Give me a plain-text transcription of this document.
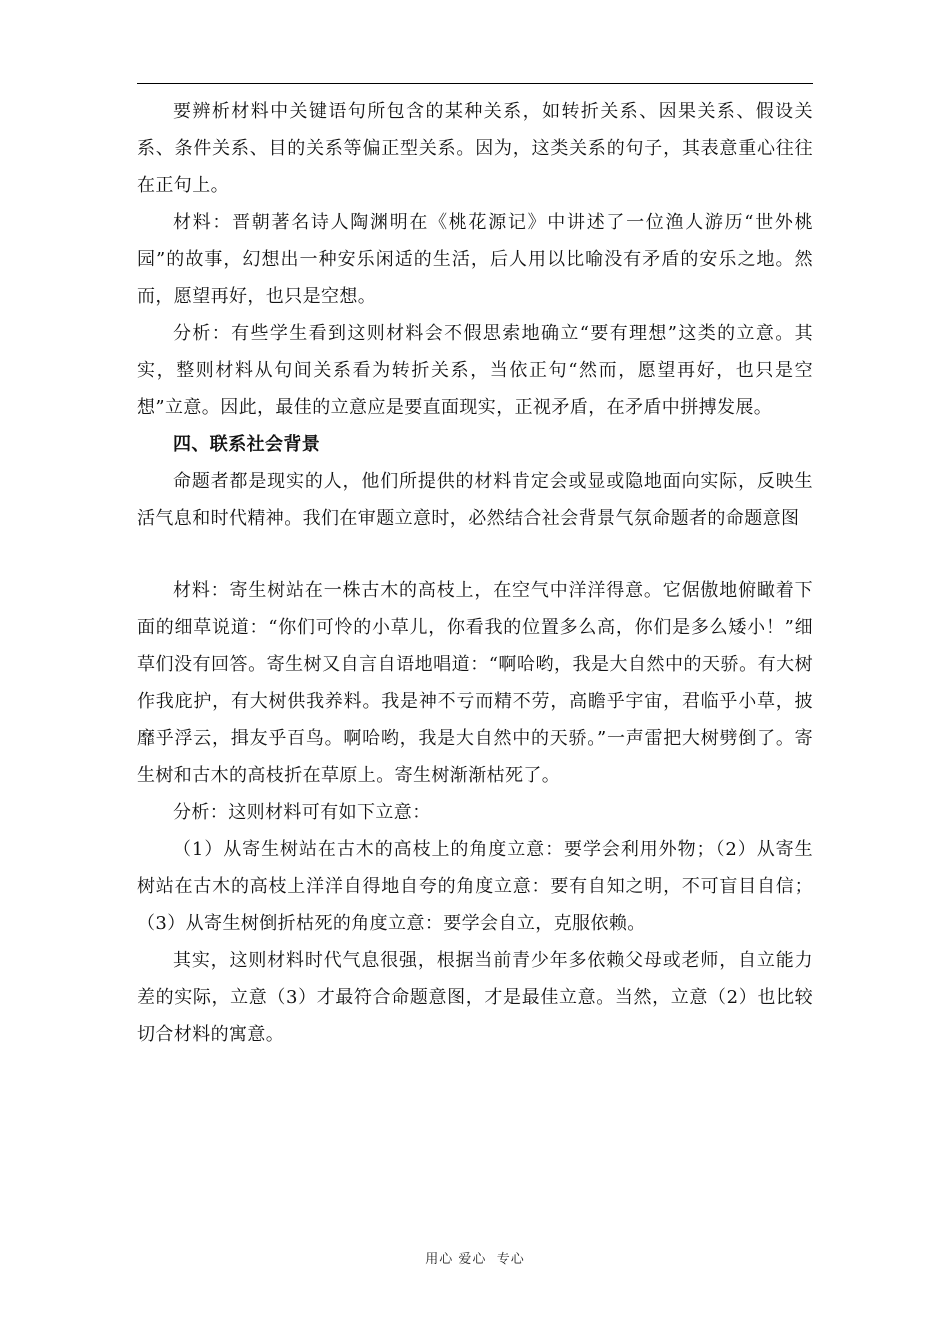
要辨析材料中关键语句所包含的某种关系，如转折关系、因果关系、假设关系、条件关系、目的关系等偏正型关系。因为，这类关系的句子，其表意重心往往在正句上。

材料：晋朝著名诗人陶渊明在《桃花源记》中讲述了一位渔人游历“世外桃园”的故事，幻想出一种安乐闲适的生活，后人用以比喻没有矛盾的安乐之地。然而，愿望再好，也只是空想。

分析：有些学生看到这则材料会不假思索地确立“要有理想”这类的立意。其实，整则材料从句间关系看为转折关系，当依正句“然而，愿望再好，也只是空想”立意。因此，最佳的立意应是要直面现实，正视矛盾，在矛盾中拼搏发展。

四、联系社会背景

命题者都是现实的人，他们所提供的材料肯定会或显或隐地面向实际，反映生活气息和时代精神。我们在审题立意时，必然结合社会背景气氛命题者的命题意图

材料：寄生树站在一株古木的高枝上，在空气中洋洋得意。它倨傲地俯瞰着下面的细草说道：“你们可怜的小草儿，你看我的位置多么高，你们是多么矮小！”细草们没有回答。寄生树又自言自语地唱道：“啊哈哟，我是大自然中的天骄。有大树作我庇护，有大树供我养料。我是神不亏而精不劳，高瞻乎宇宙，君临乎小草，披靡乎浮云，揖友乎百鸟。啊哈哟，我是大自然中的天骄。”一声雷把大树劈倒了。寄生树和古木的高枝折在草原上。寄生树渐渐枯死了。

分析：这则材料可有如下立意：

（1）从寄生树站在古木的高枝上的角度立意：要学会利用外物；（2）从寄生树站在古木的高枝上洋洋自得地自夸的角度立意：要有自知之明，不可盲目自信；（3）从寄生树倒折枯死的角度立意：要学会自立，克服依赖。

其实，这则材料时代气息很强，根据当前青少年多依赖父母或老师，自立能力差的实际，立意（3）才最符合命题意图，才是最佳立意。当然，立意（2）也比较切合材料的寓意。

用心 爱心  专心
